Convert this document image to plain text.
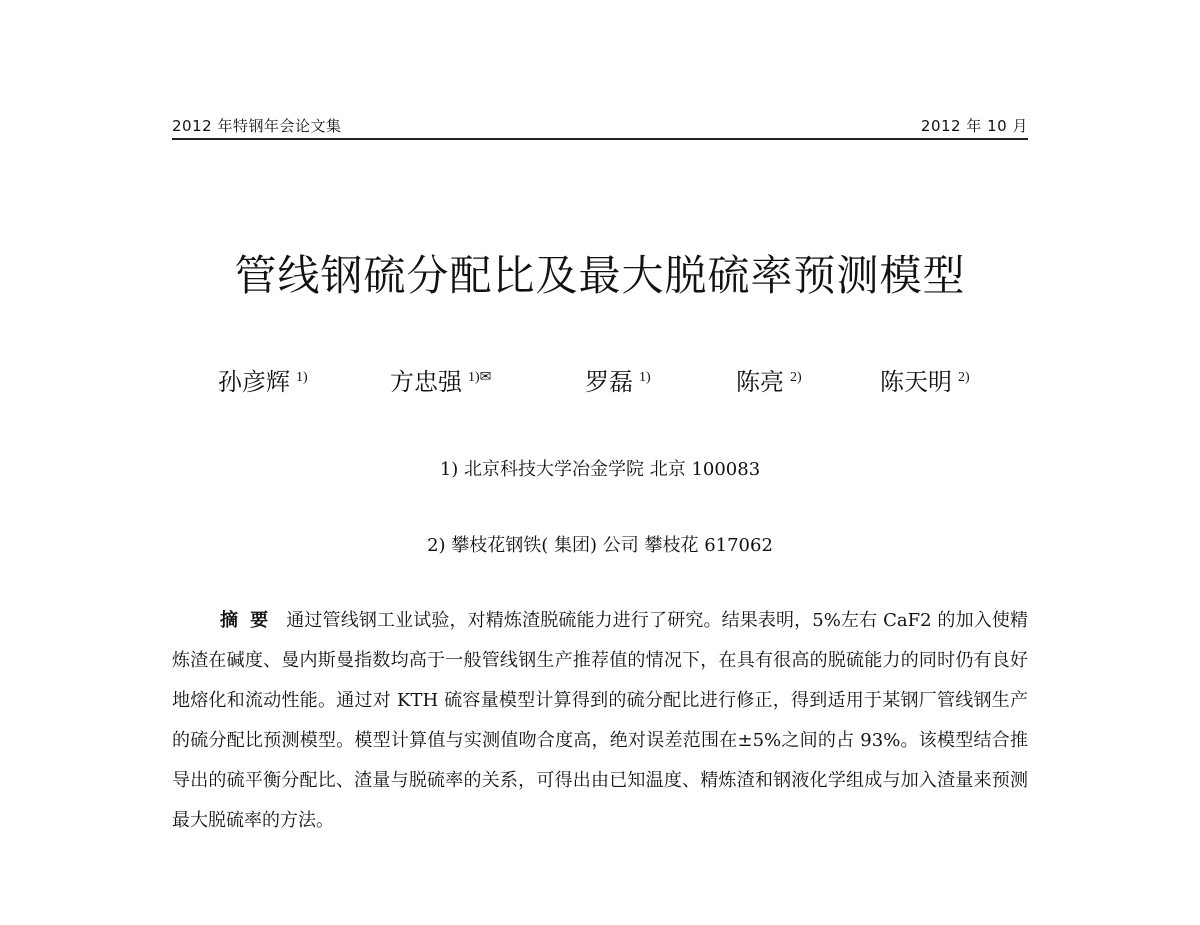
2012 年特钢年会论文集	2012 年 10 月
管线钢硫分配比及最大脱硫率预测模型
孙彦辉 $^{1)}$	方忠强 $^{1)✉}$	罗磊 $^{1)}$	陈亮 $^{2)}$	陈天明 $^{2)}$
1) 北京科技大学冶金学院 北京 100083
2) 攀枝花钢铁( 集团) 公司 攀枝花 617062
摘要 通过管线钢工业试验，对精炼渣脱硫能力进行了研究。结果表明，5%左右 CaF2 的加入使精炼渣在碱度、曼内斯曼指数均高于一般管线钢生产推荐值的情况下，在具有很高的脱硫能力的同时仍有良好地熔化和流动性能。通过对 KTH 硫容量模型计算得到的硫分配比进行修正，得到适用于某钢厂管线钢生产的硫分配比预测模型。模型计算值与实测值吻合度高，绝对误差范围在±5%之间的占 93%。该模型结合推导出的硫平衡分配比、渣量与脱硫率的关系，可得出由已知温度、精炼渣和钢液化学组成与加入渣量来预测最大脱硫率的方法。
